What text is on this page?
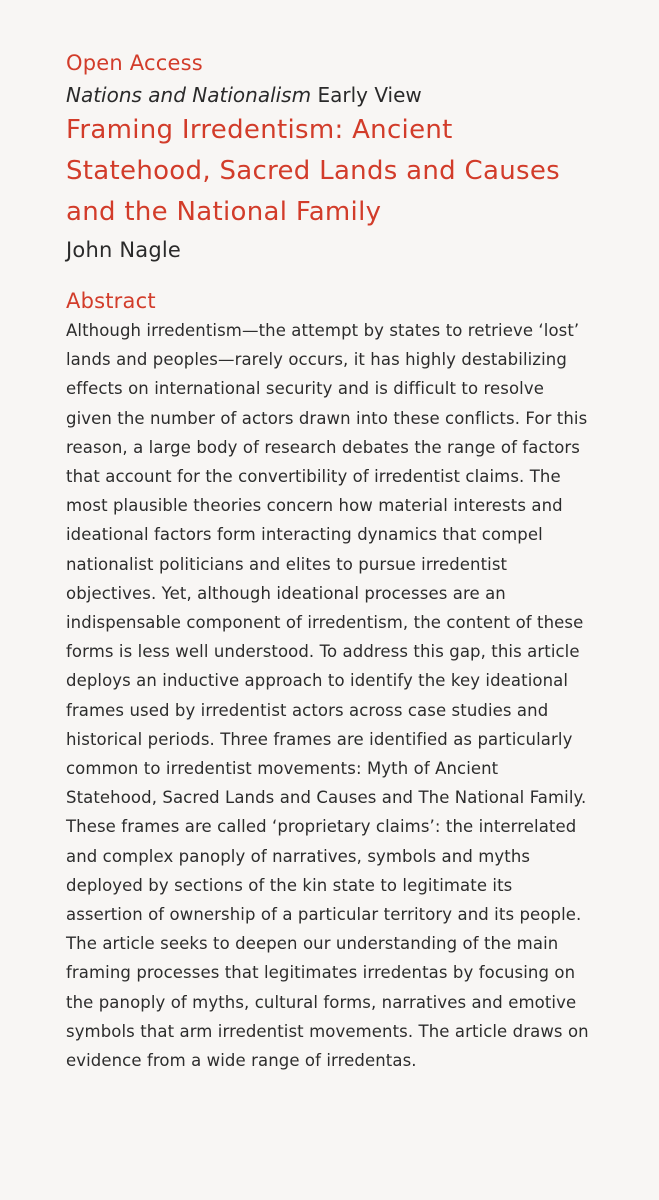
Open Access

Nations and Nationalism Early View

Framing Irredentism: Ancient Statehood, Sacred Lands and Causes and the National Family

John Nagle

Abstract

Although irredentism—the attempt by states to retrieve ‘lost’ lands and peoples—rarely occurs, it has highly destabilizing effects on international security and is difficult to resolve given the number of actors drawn into these conflicts. For this reason, a large body of research debates the range of factors that account for the convertibility of irredentist claims. The most plausible theories concern how material interests and ideational factors form interacting dynamics that compel nationalist politicians and elites to pursue irredentist objectives. Yet, although ideational processes are an indispensable component of irredentism, the content of these forms is less well understood. To address this gap, this article deploys an inductive approach to identify the key ideational frames used by irredentist actors across case studies and historical periods. Three frames are identified as particularly common to irredentist movements: Myth of Ancient Statehood, Sacred Lands and Causes and The National Family. These frames are called ‘proprietary claims’: the interrelated and complex panoply of narratives, symbols and myths deployed by sections of the kin state to legitimate its assertion of ownership of a particular territory and its people. The article seeks to deepen our understanding of the main framing processes that legitimates irredentas by focusing on the panoply of myths, cultural forms, narratives and emotive symbols that arm irredentist movements. The article draws on evidence from a wide range of irredentas.
